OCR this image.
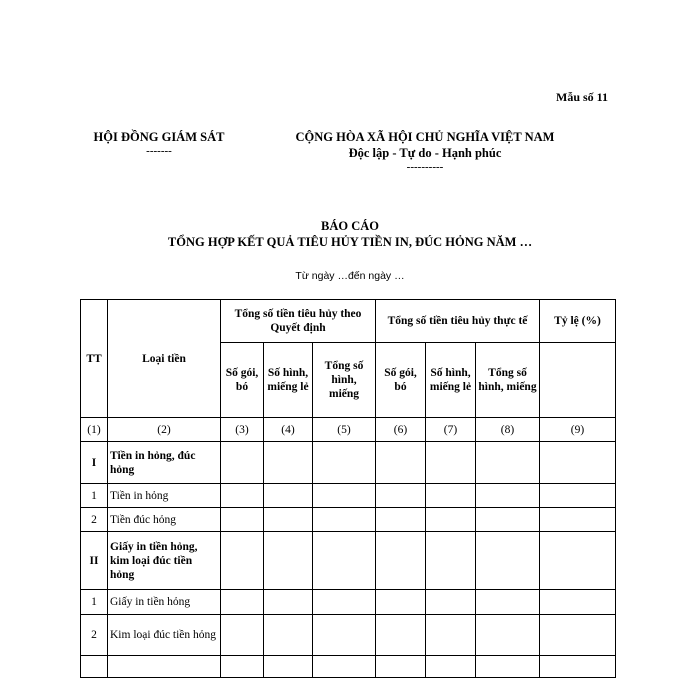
Mẫu số 11
HỘI ĐỒNG GIÁM SÁT
-------
CỘNG HÒA XÃ HỘI CHỦ NGHĨA VIỆT NAM
Độc lập - Tự do - Hạnh phúc
----------
BÁO CÁO
TỔNG HỢP KẾT QUẢ TIÊU HỦY TIỀN IN, ĐÚC HỎNG NĂM …
Từ ngày …đến ngày …
TT	Loại tiền	Tổng số tiền tiêu hủy theo Quyết định			Tổng số tiền tiêu hủy thực tế			Tỷ lệ (%)
		Số gói, bó	Số hình, miếng lẻ	Tổng số hình, miếng	Số gói, bó	Số hình, miếng lẻ	Tổng số hình, miếng	
(1)	(2)	(3)	(4)	(5)	(6)	(7)	(8)	(9)
I	Tiền in hỏng, đúc hỏng							
1	Tiền in hỏng							
2	Tiền đúc hỏng							
II	Giấy in tiền hỏng, kim loại đúc tiền hỏng							
1	Giấy in tiền hỏng							
2	Kim loại đúc tiền hỏng							
